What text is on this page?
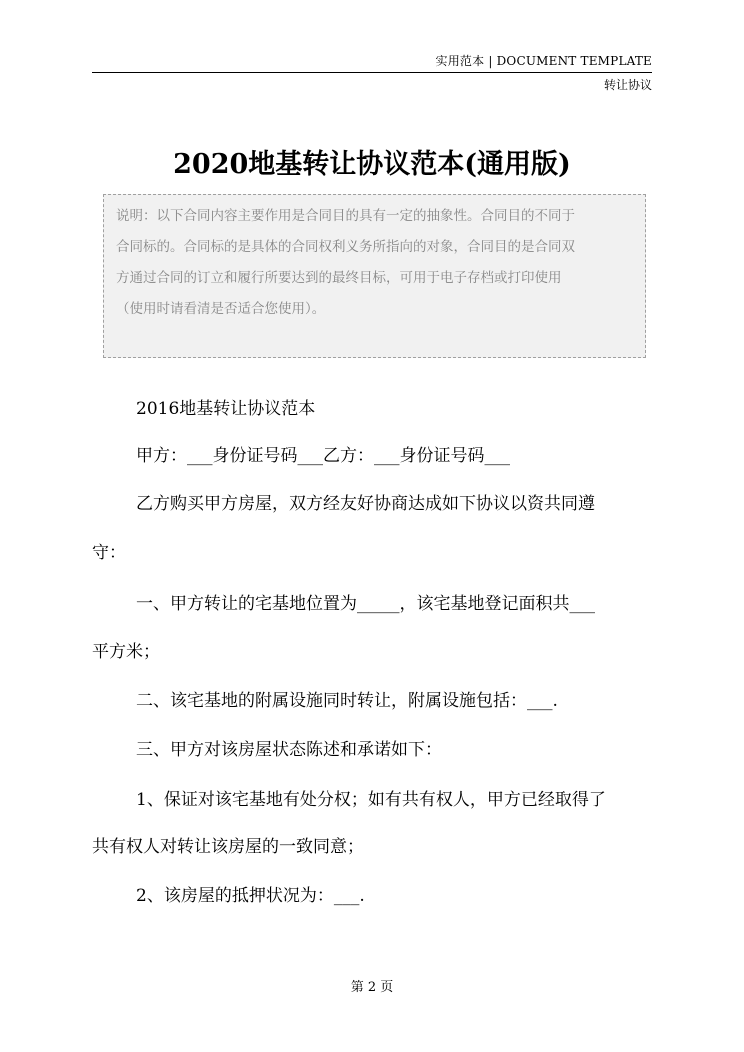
实用范本 | DOCUMENT TEMPLATE
转让协议
2020地基转让协议范本(通用版)
说明：以下合同内容主要作用是合同目的具有一定的抽象性。合同目的不同于
合同标的。合同标的是具体的合同权利义务所指向的对象，合同目的是合同双
方通过合同的订立和履行所要达到的最终目标，可用于电子存档或打印使用
（使用时请看清是否适合您使用）。
2016地基转让协议范本
甲方：___身份证号码___乙方：___身份证号码___
乙方购买甲方房屋，双方经友好协商达成如下协议以资共同遵
守：
一、甲方转让的宅基地位置为_____，该宅基地登记面积共___
平方米；
二、该宅基地的附属设施同时转让，附属设施包括：___.
三、甲方对该房屋状态陈述和承诺如下：
1、保证对该宅基地有处分权；如有共有权人，甲方已经取得了
共有权人对转让该房屋的一致同意；
2、该房屋的抵押状况为：___.
第 2 页
